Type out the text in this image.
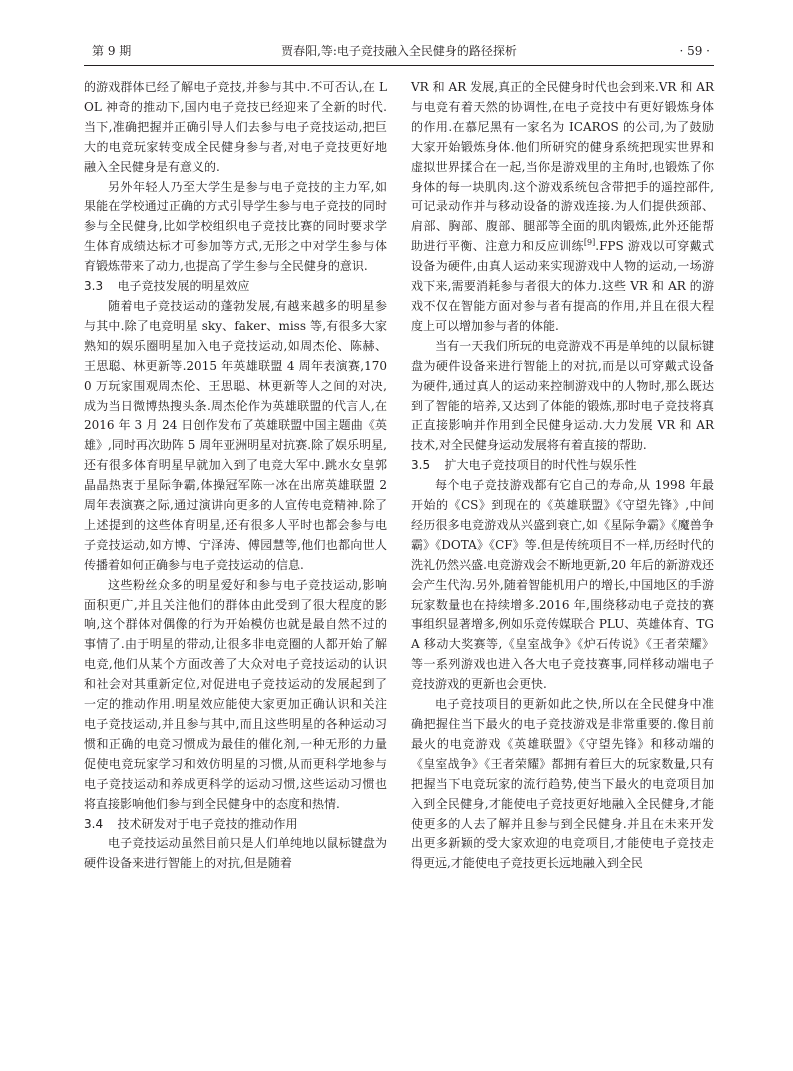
第 9 期	贾春阳,等:电子竞技融入全民健身的路径探析	· 59 ·

的游戏群体已经了解电子竞技,并参与其中.不可否认,在 LOL 神奇的推动下,国内电子竞技已经迎来了全新的时代.当下,准确把握并正确引导人们去参与电子竞技运动,把巨大的电竞玩家转变成全民健身参与者,对电子竞技更好地融入全民健身是有意义的.

另外年轻人乃至大学生是参与电子竞技的主力军,如果能在学校通过正确的方式引导学生参与电子竞技的同时参与全民健身,比如学校组织电子竞技比赛的同时要求学生体育成绩达标才可参加等方式,无形之中对学生参与体育锻炼带来了动力,也提高了学生参与全民健身的意识.

3.3 电子竞技发展的明星效应

随着电子竞技运动的蓬勃发展,有越来越多的明星参与其中.除了电竞明星 sky、faker、miss 等,有很多大家熟知的娱乐圈明星加入电子竞技运动,如周杰伦、陈赫、王思聪、林更新等.2015 年英雄联盟 4 周年表演赛,1700 万玩家围观周杰伦、王思聪、林更新等人之间的对决,成为当日微博热搜头条.周杰伦作为英雄联盟的代言人,在 2016 年 3 月 24 日创作发布了英雄联盟中国主题曲《英雄》,同时再次助阵 5 周年亚洲明星对抗赛.除了娱乐明星,还有很多体育明星早就加入到了电竞大军中.跳水女皇郭晶晶热衷于星际争霸,体操冠军陈一冰在出席英雄联盟 2 周年表演赛之际,通过演讲向更多的人宣传电竞精神.除了上述提到的这些体育明星,还有很多人平时也都会参与电子竞技运动,如方博、宁泽涛、傅园慧等,他们也都向世人传播着如何正确参与电子竞技运动的信息.

这些粉丝众多的明星爱好和参与电子竞技运动,影响面积更广,并且关注他们的群体由此受到了很大程度的影响,这个群体对偶像的行为开始模仿也就是最自然不过的事情了.由于明星的带动,让很多非电竞圈的人都开始了解电竞,他们从某个方面改善了大众对电子竞技运动的认识和社会对其重新定位,对促进电子竞技运动的发展起到了一定的推动作用.明星效应能使大家更加正确认识和关注电子竞技运动,并且参与其中,而且这些明星的各种运动习惯和正确的电竞习惯成为最佳的催化剂,一种无形的力量促使电竞玩家学习和效仿明星的习惯,从而更科学地参与电子竞技运动和养成更科学的运动习惯,这些运动习惯也将直接影响他们参与到全民健身中的态度和热情.

3.4 技术研发对于电子竞技的推动作用

电子竞技运动虽然目前只是人们单纯地以鼠标键盘为硬件设备来进行智能上的对抗,但是随着

VR 和 AR 发展,真正的全民健身时代也会到来.VR 和 AR 与电竞有着天然的协调性,在电子竞技中有更好锻炼身体的作用.在慕尼黑有一家名为 ICAROS 的公司,为了鼓励大家开始锻炼身体.他们所研究的健身系统把现实世界和虚拟世界揉合在一起,当你是游戏里的主角时,也锻炼了你身体的每一块肌肉.这个游戏系统包含带把手的遥控部件,可记录动作并与移动设备的游戏连接.为人们提供颈部、肩部、胸部、腹部、腿部等全面的肌肉锻炼,此外还能帮助进行平衡、注意力和反应训练[9].FPS 游戏以可穿戴式设备为硬件,由真人运动来实现游戏中人物的运动,一场游戏下来,需要消耗参与者很大的体力.这些 VR 和 AR 的游戏不仅在智能方面对参与者有提高的作用,并且在很大程度上可以增加参与者的体能.

当有一天我们所玩的电竞游戏不再是单纯的以鼠标键盘为硬件设备来进行智能上的对抗,而是以可穿戴式设备为硬件,通过真人的运动来控制游戏中的人物时,那么既达到了智能的培养,又达到了体能的锻炼,那时电子竞技将真正直接影响并作用到全民健身运动.大力发展 VR 和 AR 技术,对全民健身运动发展将有着直接的帮助.

3.5 扩大电子竞技项目的时代性与娱乐性

每个电子竞技游戏都有它自己的寿命,从 1998 年最开始的《CS》到现在的《英雄联盟》《守望先锋》,中间经历很多电竞游戏从兴盛到衰亡,如《星际争霸》《魔兽争霸》《DOTA》《CF》等.但是传统项目不一样,历经时代的洗礼仍然兴盛.电竞游戏会不断地更新,20 年后的新游戏还会产生代沟.另外,随着智能机用户的增长,中国地区的手游玩家数量也在持续增多.2016 年,围绕移动电子竞技的赛事组织显著增多,例如乐竞传媒联合 PLU、英雄体育、TGA 移动大奖赛等,《皇室战争》《炉石传说》《王者荣耀》等一系列游戏也进入各大电子竞技赛事,同样移动端电子竞技游戏的更新也会更快.

电子竞技项目的更新如此之快,所以在全民健身中准确把握住当下最火的电子竞技游戏是非常重要的.像目前最火的电竞游戏《英雄联盟》《守望先锋》和移动端的《皇室战争》《王者荣耀》都拥有着巨大的玩家数量,只有把握当下电竞玩家的流行趋势,使当下最火的电竞项目加入到全民健身,才能使电子竞技更好地融入全民健身,才能使更多的人去了解并且参与到全民健身.并且在未来开发出更多新颖的受大家欢迎的电竞项目,才能使电子竞技走得更远,才能使电子竞技更长远地融入到全民
